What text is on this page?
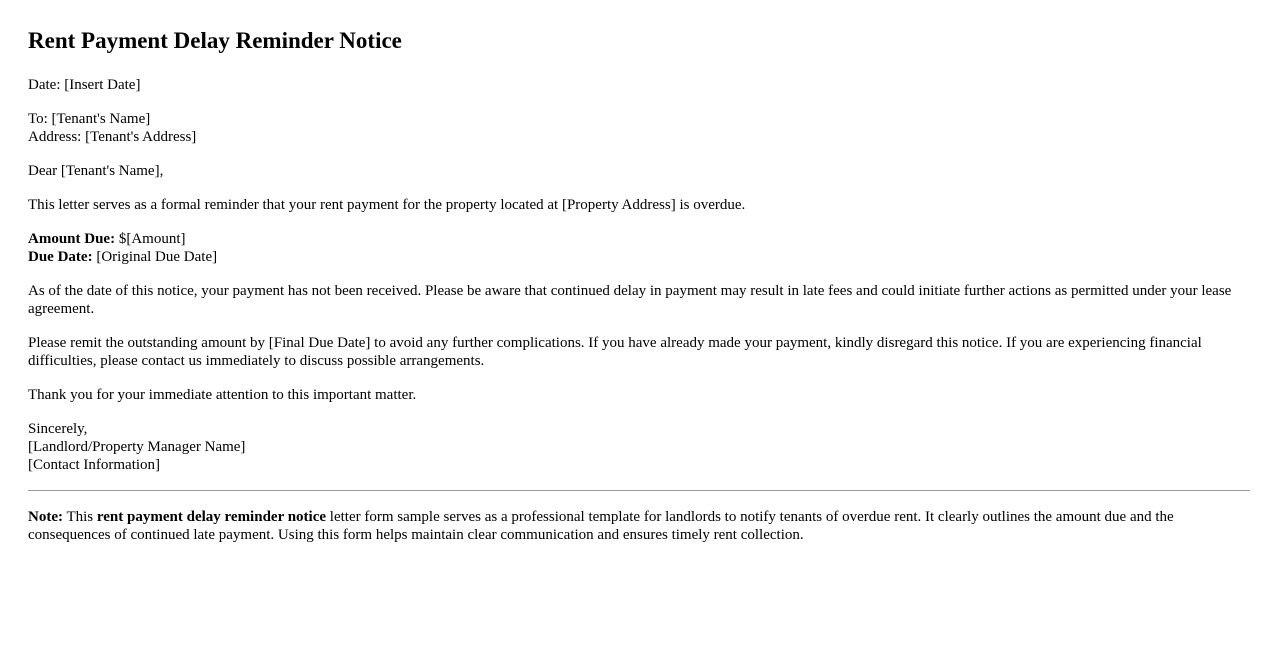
Rent Payment Delay Reminder Notice

Date: [Insert Date]

To: [Tenant's Name]
Address: [Tenant's Address]

Dear [Tenant's Name],

This letter serves as a formal reminder that your rent payment for the property located at [Property Address] is overdue.

Amount Due: $[Amount]
Due Date: [Original Due Date]

As of the date of this notice, your payment has not been received. Please be aware that continued delay in payment may result in late fees and could initiate further actions as permitted under your lease agreement.

Please remit the outstanding amount by [Final Due Date] to avoid any further complications. If you have already made your payment, kindly disregard this notice. If you are experiencing financial difficulties, please contact us immediately to discuss possible arrangements.

Thank you for your immediate attention to this important matter.

Sincerely,
[Landlord/Property Manager Name]
[Contact Information]

Note: This rent payment delay reminder notice letter form sample serves as a professional template for landlords to notify tenants of overdue rent. It clearly outlines the amount due and the consequences of continued late payment. Using this form helps maintain clear communication and ensures timely rent collection.
